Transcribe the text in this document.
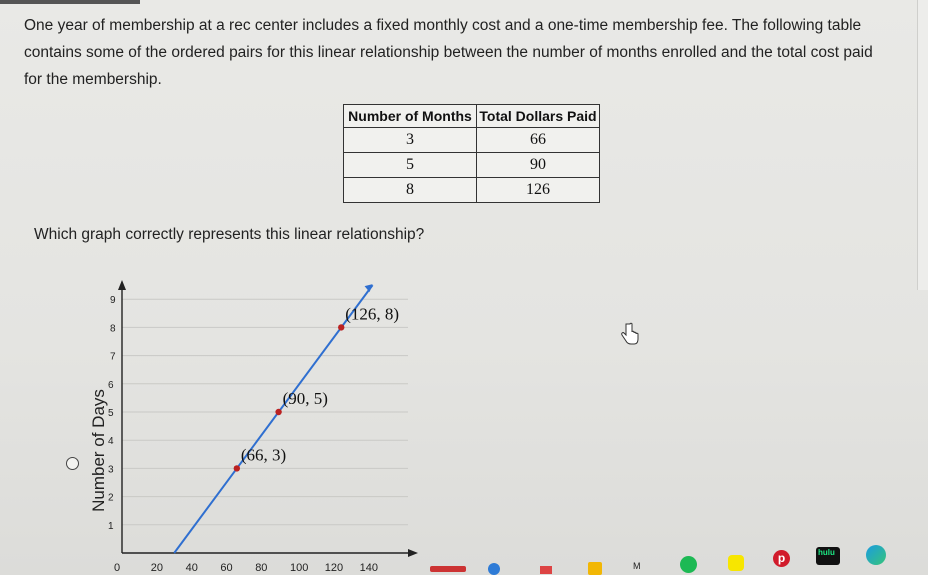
One year of membership at a rec center includes a fixed monthly cost and a one-time membership fee. The following table contains some of the ordered pairs for this linear relationship between the number of months enrolled and the total cost paid for the membership.
Number of Months	Total Dollars Paid
3	66
5	90
8	126
Which graph correctly represents this linear relationship?
1
2
3
4
5
6
7
8
9
0	20 40 60 80 100 120 140
Number of Days	(66, 3)
(90, 5)
(126, 8)
M
p	hulu
